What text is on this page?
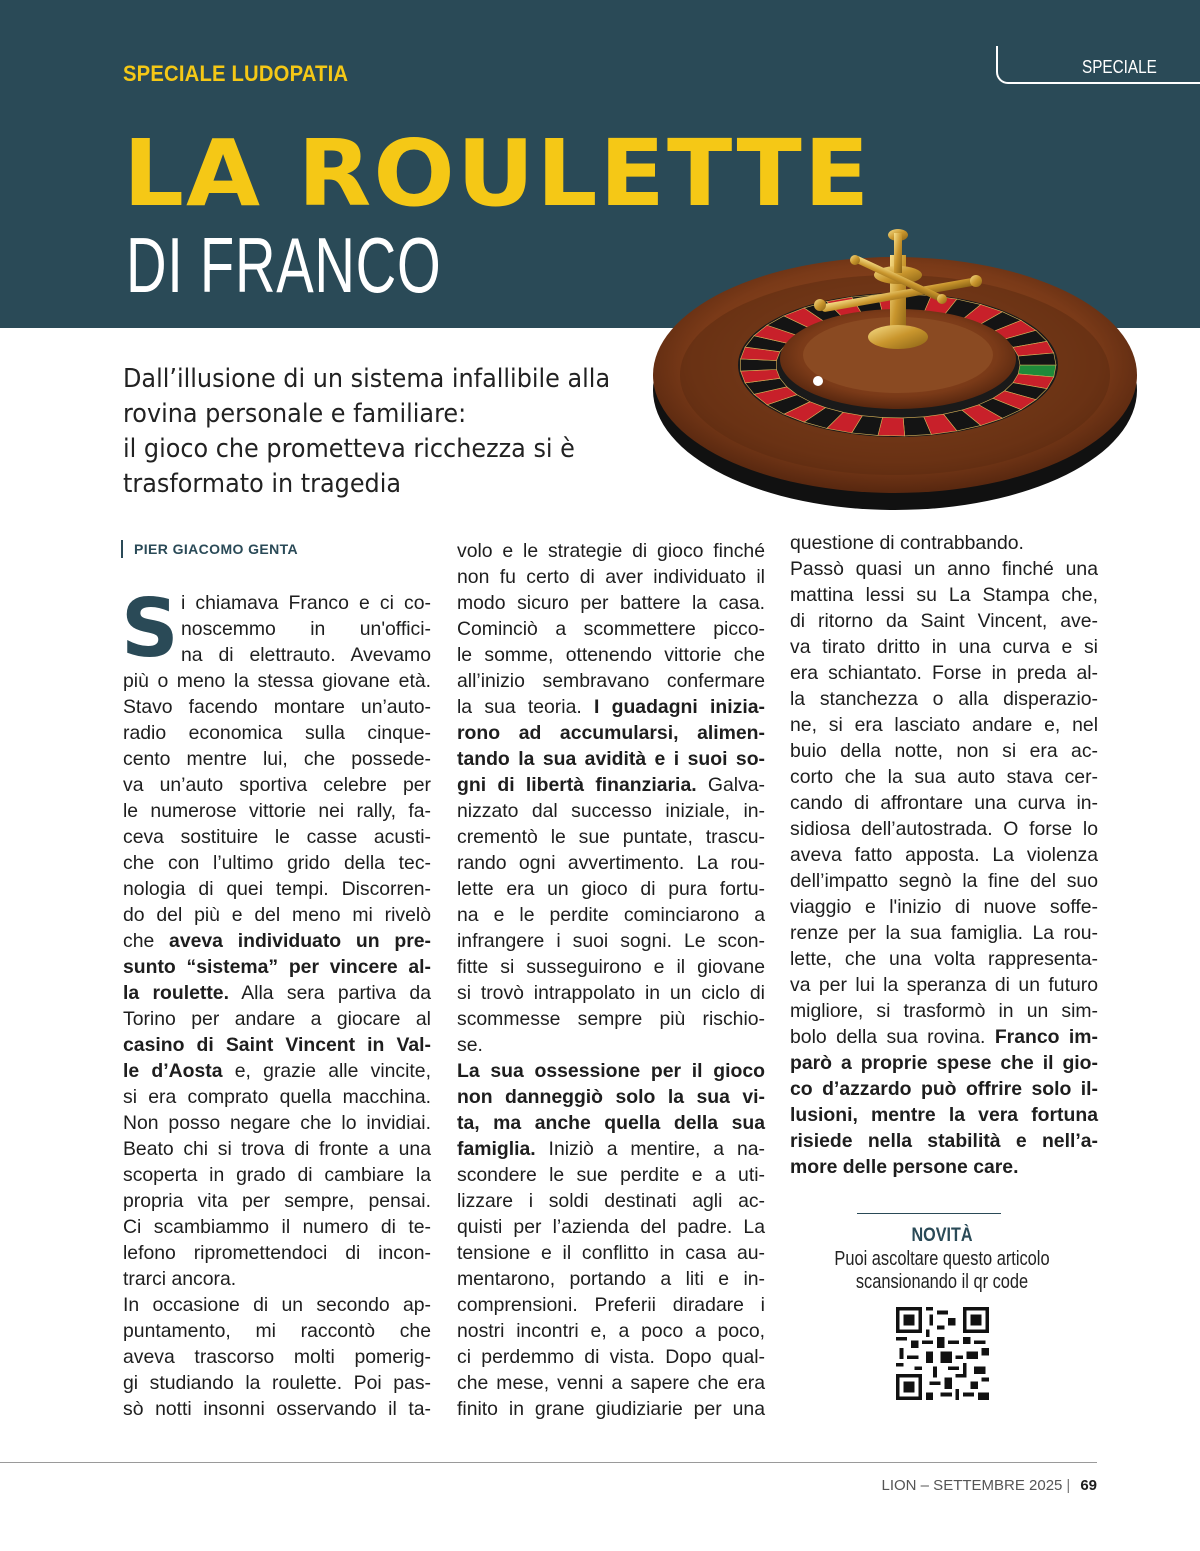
SPECIALE LUDOPATIA	SPECIALE
LA ROULETTE
DI FRANCO
Dall’illusione di un sistema infallibile alla
rovina personale e familiare:
il gioco che prometteva ricchezza si è
trasformato in tragedia
PIER GIACOMO GENTA
S i chiamava Franco e ci co-
noscemmo in un'offici-
na di elettrauto. Avevamo
più o meno la stessa giovane età.
Stavo facendo montare un’auto-
radio economica sulla cinque-
cento mentre lui, che possede-
va un’auto sportiva celebre per
le numerose vittorie nei rally, fa-
ceva sostituire le casse acusti-
che con l’ultimo grido della tec-
nologia di quei tempi. Discorren-
do del più e del meno mi rivelò
che aveva individuato un pre-
sunto “sistema” per vincere al-
la roulette. Alla sera partiva da
Torino per andare a giocare al
casino di Saint Vincent in Val-
le d’Aosta e, grazie alle vincite,
si era comprato quella macchina.
Non posso negare che lo invidiai.
Beato chi si trova di fronte a una
scoperta in grado di cambiare la
propria vita per sempre, pensai.
Ci scambiammo il numero di te-
lefono ripromettendoci di incon-
trarci ancora.
In occasione di un secondo ap-
puntamento, mi raccontò che
aveva trascorso molti pomerig-
gi studiando la roulette. Poi pas-
sò notti insonni osservando il ta-
volo e le strategie di gioco finché
non fu certo di aver individuato il
modo sicuro per battere la casa.
Cominciò a scommettere picco-
le somme, ottenendo vittorie che
all’inizio sembravano confermare
la sua teoria. I guadagni inizia-
rono ad accumularsi, alimen-
tando la sua avidità e i suoi so-
gni di libertà finanziaria. Galva-
nizzato dal successo iniziale, in-
crementò le sue puntate, trascu-
rando ogni avvertimento. La rou-
lette era un gioco di pura fortu-
na e le perdite cominciarono a
infrangere i suoi sogni. Le scon-
fitte si susseguirono e il giovane
si trovò intrappolato in un ciclo di
scommesse sempre più rischio-
se.
La sua ossessione per il gioco
non danneggiò solo la sua vi-
ta, ma anche quella della sua
famiglia. Iniziò a mentire, a na-
scondere le sue perdite e a uti-
lizzare i soldi destinati agli ac-
quisti per l’azienda del padre. La
tensione e il conflitto in casa au-
mentarono, portando a liti e in-
comprensioni. Preferii diradare i
nostri incontri e, a poco a poco,
ci perdemmo di vista. Dopo qual-
che mese, venni a sapere che era
finito in grane giudiziarie per una
questione di contrabbando.
Passò quasi un anno finché una
mattina lessi su La Stampa che,
di ritorno da Saint Vincent, ave-
va tirato dritto in una curva e si
era schiantato. Forse in preda al-
la stanchezza o alla disperazio-
ne, si era lasciato andare e, nel
buio della notte, non si era ac-
corto che la sua auto stava cer-
cando di affrontare una curva in-
sidiosa dell’autostrada. O forse lo
aveva fatto apposta. La violenza
dell’impatto segnò la fine del suo
viaggio e l'inizio di nuove soffe-
renze per la sua famiglia. La rou-
lette, che una volta rappresenta-
va per lui la speranza di un futuro
migliore, si trasformò in un sim-
bolo della sua rovina. Franco im-
parò a proprie spese che il gio-
co d’azzardo può offrire solo il-
lusioni, mentre la vera fortuna
risiede nella stabilità e nell’a-
more delle persone care.
NOVITÀ
Puoi ascoltare questo articolo
scansionando il qr code
LION – SETTEMBRE 2025 | 69
